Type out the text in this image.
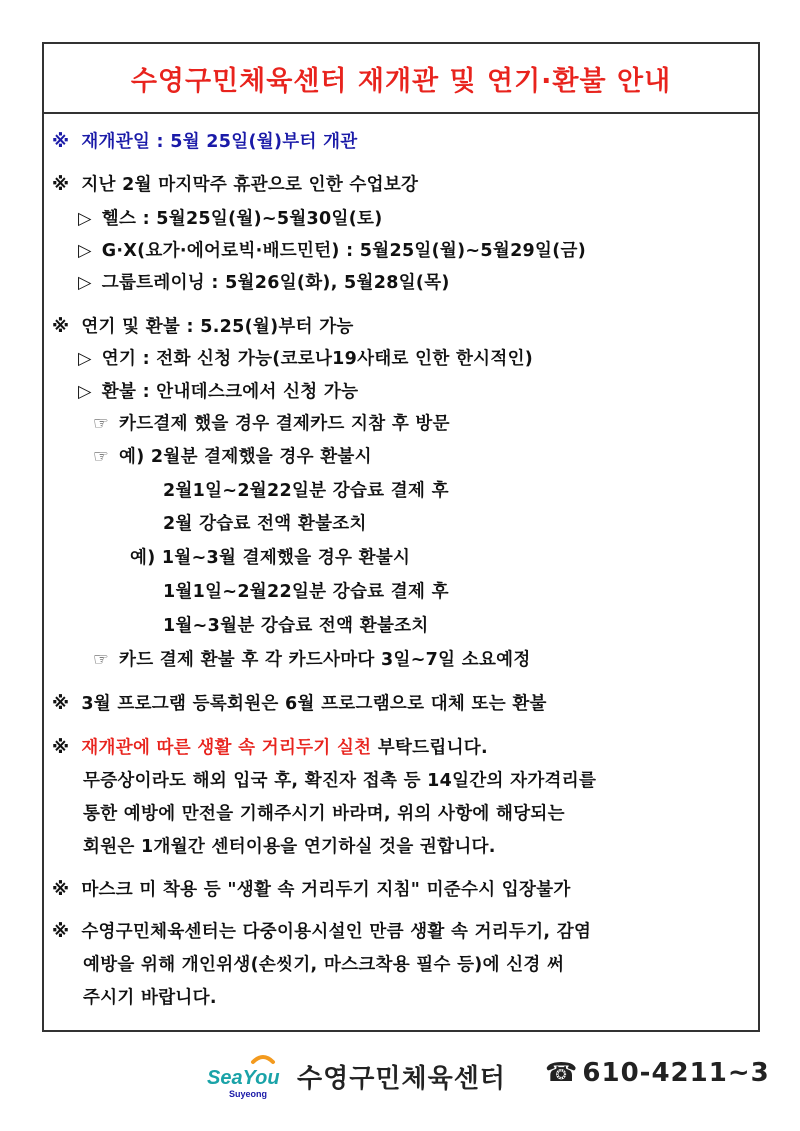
수영구민체육센터 재개관 및 연기·환불 안내
※ 재개관일 : 5월 25일(월)부터 개관
※ 지난 2월 마지막주 휴관으로 인한 수업보강
▷ 헬스 : 5월25일(월)~5월30일(토)
▷ G·X(요가·에어로빅·배드민턴) : 5월25일(월)~5월29일(금)
▷ 그룹트레이닝 : 5월26일(화), 5월28일(목)
※ 연기 및 환불 : 5.25(월)부터 가능
▷ 연기 : 전화 신청 가능(코로나19사태로 인한 한시적인)
▷ 환불 : 안내데스크에서 신청 가능
☞ 카드결제 했을 경우 결제카드 지참 후 방문
☞ 예) 2월분 결제했을 경우 환불시
2월1일~2월22일분 강습료 결제 후
2월 강습료 전액 환불조치
예) 1월~3월 결제했을 경우 환불시
1월1일~2월22일분 강습료 결제 후
1월~3월분 강습료 전액 환불조치
☞ 카드 결제 환불 후 각 카드사마다 3일~7일 소요예정
※ 3월 프로그램 등록회원은 6월 프로그램으로 대체 또는 환불
※ 재개관에 따른 생활 속 거리두기 실천 부탁드립니다.
무증상이라도 해외 입국 후, 확진자 접촉 등 14일간의 자가격리를
통한 예방에 만전을 기해주시기 바라며, 위의 사항에 해당되는
회원은 1개월간 센터이용을 연기하실 것을 권합니다.
※ 마스크 미 착용 등 "생활 속 거리두기 지침" 미준수시 입장불가
※ 수영구민체육센터는 다중이용시설인 만큼 생활 속 거리두기, 감염
예방을 위해 개인위생(손씻기, 마스크착용 필수 등)에 신경 써
주시기 바랍니다.
SeaYou
Suyeong 수영구민체육센터 ☎ 610-4211~3
